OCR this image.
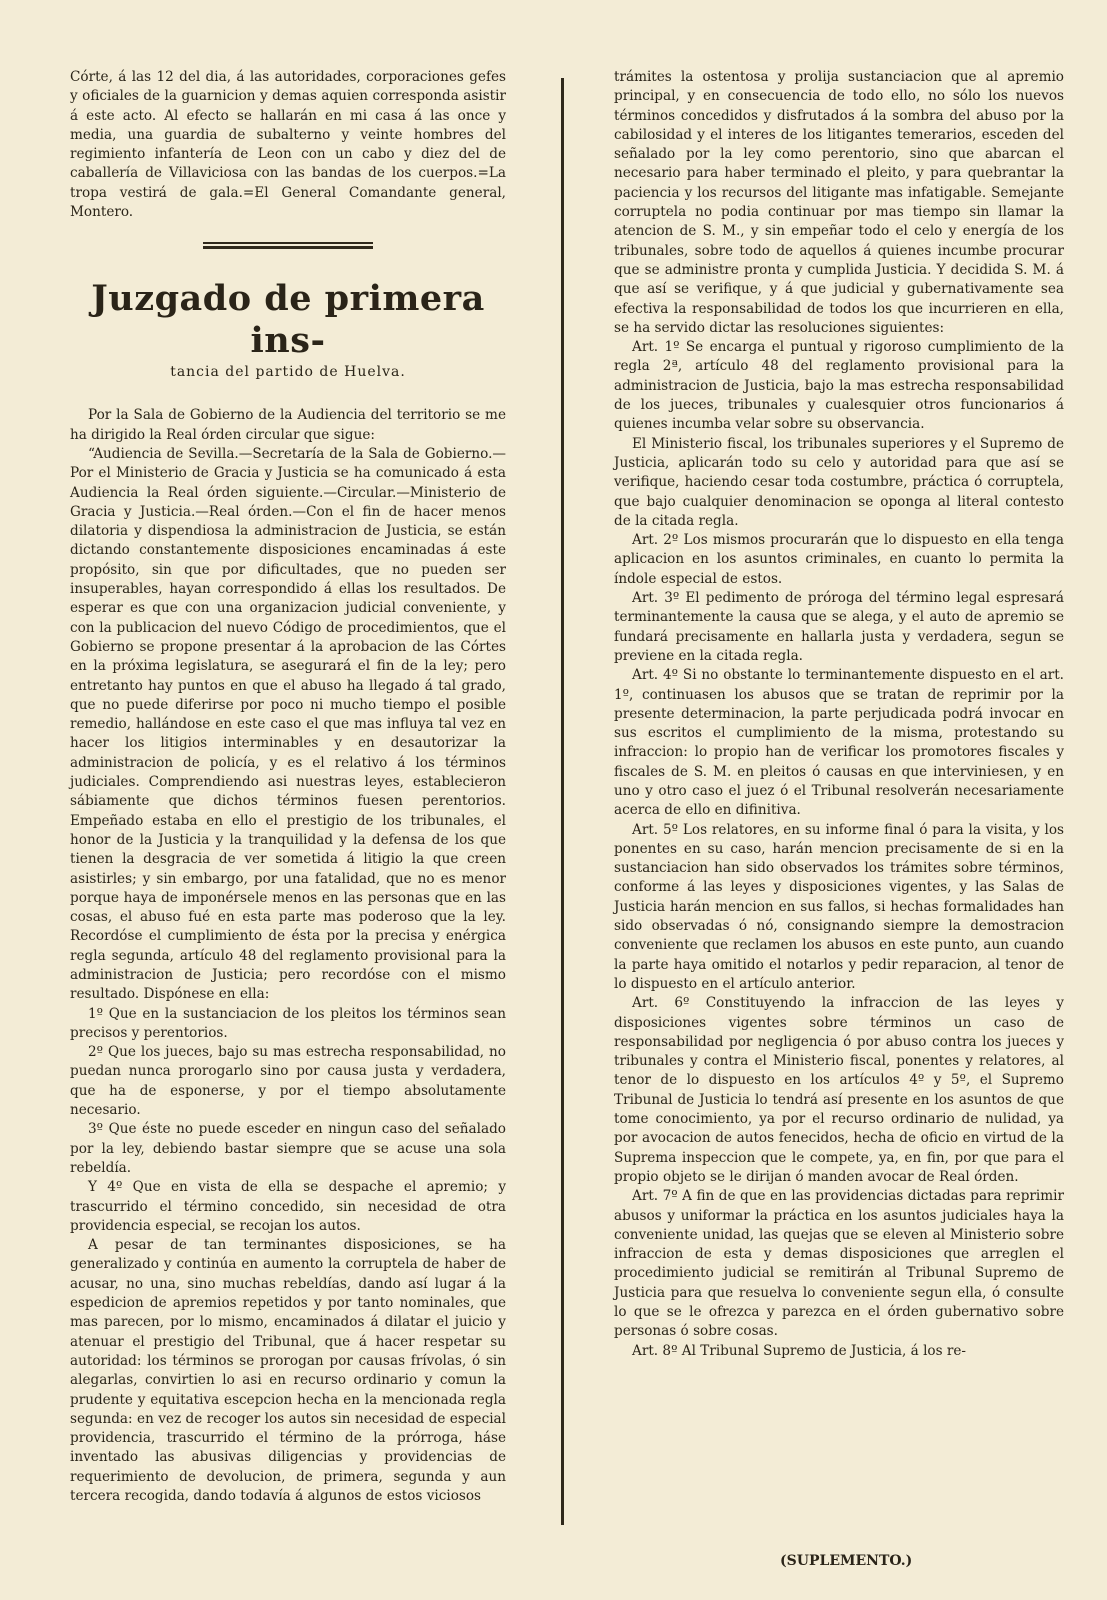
Córte, á las 12 del dia, á las autoridades, corporaciones gefes y oficiales de la guarnicion y demas aquien corresponda asistir á este acto. Al efecto se hallarán en mi casa á las once y media, una guardia de subalterno y veinte hombres del regimiento infantería de Leon con un cabo y diez del de caballería de Villaviciosa con las bandas de los cuerpos.=La tropa vestirá de gala.=El General Comandante general, Montero.

Juzgado de primera ins-
tancia del partido de Huelva.

Por la Sala de Gobierno de la Audiencia del territorio se me ha dirigido la Real órden circular que sigue:

“Audiencia de Sevilla.—Secretaría de la Sala de Gobierno.—Por el Ministerio de Gracia y Justicia se ha comunicado á esta Audiencia la Real órden siguiente.—Circular.—Ministerio de Gracia y Justicia.—Real órden.—Con el fin de hacer menos dilatoria y dispendiosa la administracion de Justicia, se están dictando constantemente disposiciones encaminadas á este propósito, sin que por dificultades, que no pueden ser insuperables, hayan correspondido á ellas los resultados. De esperar es que con una organizacion judicial conveniente, y con la publicacion del nuevo Código de procedimientos, que el Gobierno se propone presentar á la aprobacion de las Córtes en la próxima legislatura, se asegurará el fin de la ley; pero entretanto hay puntos en que el abuso ha llegado á tal grado, que no puede diferirse por poco ni mucho tiempo el posible remedio, hallándose en este caso el que mas influya tal vez en hacer los litigios interminables y en desautorizar la administracion de policía, y es el relativo á los términos judiciales. Comprendiendo asi nuestras leyes, establecieron sábiamente que dichos términos fuesen perentorios. Empeñado estaba en ello el prestigio de los tribunales, el honor de la Justicia y la tranquilidad y la defensa de los que tienen la desgracia de ver sometida á litigio la que creen asistirles; y sin embargo, por una fatalidad, que no es menor porque haya de imponérsele menos en las personas que en las cosas, el abuso fué en esta parte mas poderoso que la ley. Recordóse el cumplimiento de ésta por la precisa y enérgica regla segunda, artículo 48 del reglamento provisional para la administracion de Justicia; pero recordóse con el mismo resultado. Dispónese en ella:

1º Que en la sustanciacion de los pleitos los términos sean precisos y perentorios.

2º Que los jueces, bajo su mas estrecha responsabilidad, no puedan nunca prorogarlo sino por causa justa y verdadera, que ha de esponerse, y por el tiempo absolutamente necesario.

3º Que éste no puede esceder en ningun caso del señalado por la ley, debiendo bastar siempre que se acuse una sola rebeldía.

Y 4º Que en vista de ella se despache el apremio; y trascurrido el término concedido, sin necesidad de otra providencia especial, se recojan los autos.

A pesar de tan terminantes disposiciones, se ha generalizado y continúa en aumento la corruptela de haber de acusar, no una, sino muchas rebeldías, dando así lugar á la espedicion de apremios repetidos y por tanto nominales, que mas parecen, por lo mismo, encaminados á dilatar el juicio y atenuar el prestigio del Tribunal, que á hacer respetar su autoridad: los términos se prorogan por causas frívolas, ó sin alegarlas, convirtien lo asi en recurso ordinario y comun la prudente y equitativa escepcion hecha en la mencionada regla segunda: en vez de recoger los autos sin necesidad de especial providencia, trascurrido el término de la prórroga, háse inventado las abusivas diligencias y providencias de requerimiento de devolucion, de primera, segunda y aun tercera recogida, dando todavía á algunos de estos viciosos

trámites la ostentosa y prolija sustanciacion que al apremio principal, y en consecuencia de todo ello, no sólo los nuevos términos concedidos y disfrutados á la sombra del abuso por la cabilosidad y el interes de los litigantes temerarios, esceden del señalado por la ley como perentorio, sino que abarcan el necesario para haber terminado el pleito, y para quebrantar la paciencia y los recursos del litigante mas infatigable. Semejante corruptela no podia continuar por mas tiempo sin llamar la atencion de S. M., y sin empeñar todo el celo y energía de los tribunales, sobre todo de aquellos á quienes incumbe procurar que se administre pronta y cumplida Justicia. Y decidida S. M. á que así se verifique, y á que judicial y gubernativamente sea efectiva la responsabilidad de todos los que incurrieren en ella, se ha servido dictar las resoluciones siguientes:

Art. 1º Se encarga el puntual y rigoroso cumplimiento de la regla 2ª, artículo 48 del reglamento provisional para la administracion de Justicia, bajo la mas estrecha responsabilidad de los jueces, tribunales y cualesquier otros funcionarios á quienes incumba velar sobre su observancia.

El Ministerio fiscal, los tribunales superiores y el Supremo de Justicia, aplicarán todo su celo y autoridad para que así se verifique, haciendo cesar toda costumbre, práctica ó corruptela, que bajo cualquier denominacion se oponga al literal contesto de la citada regla.

Art. 2º Los mismos procurarán que lo dispuesto en ella tenga aplicacion en los asuntos criminales, en cuanto lo permita la índole especial de estos.

Art. 3º El pedimento de próroga del término legal espresará terminantemente la causa que se alega, y el auto de apremio se fundará precisamente en hallarla justa y verdadera, segun se previene en la citada regla.

Art. 4º Si no obstante lo terminantemente dispuesto en el art. 1º, continuasen los abusos que se tratan de reprimir por la presente determinacion, la parte perjudicada podrá invocar en sus escritos el cumplimiento de la misma, protestando su infraccion: lo propio han de verificar los promotores fiscales y fiscales de S. M. en pleitos ó causas en que interviniesen, y en uno y otro caso el juez ó el Tribunal resolverán necesariamente acerca de ello en difinitiva.

Art. 5º Los relatores, en su informe final ó para la visita, y los ponentes en su caso, harán mencion precisamente de si en la sustanciacion han sido observados los trámites sobre términos, conforme á las leyes y disposiciones vigentes, y las Salas de Justicia harán mencion en sus fallos, si hechas formalidades han sido observadas ó nó, consignando siempre la demostracion conveniente que reclamen los abusos en este punto, aun cuando la parte haya omitido el notarlos y pedir reparacion, al tenor de lo dispuesto en el artículo anterior.

Art. 6º Constituyendo la infraccion de las leyes y disposiciones vigentes sobre términos un caso de responsabilidad por negligencia ó por abuso contra los jueces y tribunales y contra el Ministerio fiscal, ponentes y relatores, al tenor de lo dispuesto en los artículos 4º y 5º, el Supremo Tribunal de Justicia lo tendrá así presente en los asuntos de que tome conocimiento, ya por el recurso ordinario de nulidad, ya por avocacion de autos fenecidos, hecha de oficio en virtud de la Suprema inspeccion que le compete, ya, en fin, por que para el propio objeto se le dirijan ó manden avocar de Real órden.

Art. 7º A fin de que en las providencias dictadas para reprimir abusos y uniformar la práctica en los asuntos judiciales haya la conveniente unidad, las quejas que se eleven al Ministerio sobre infraccion de esta y demas disposiciones que arreglen el procedimiento judicial se remitirán al Tribunal Supremo de Justicia para que resuelva lo conveniente segun ella, ó consulte lo que se le ofrezca y parezca en el órden gubernativo sobre personas ó sobre cosas.

Art. 8º Al Tribunal Supremo de Justicia, á los re-

(SUPLEMENTO.)
